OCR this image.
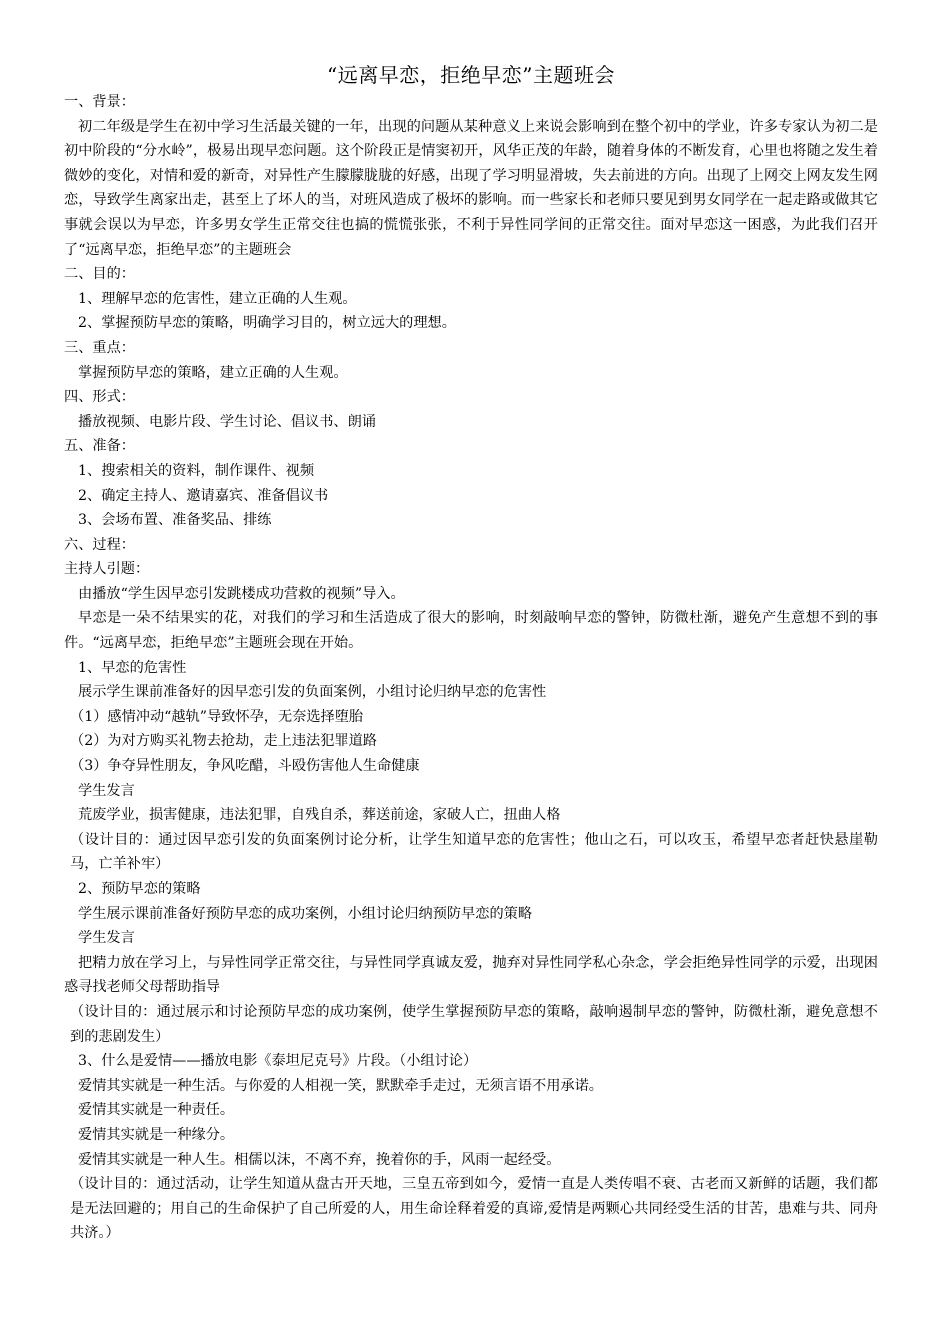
“远离早恋，拒绝早恋”主题班会
一、背景：
初二年级是学生在初中学习生活最关键的一年，出现的问题从某种意义上来说会影响到在整个初中的学业，许多专家认为初二是初中阶段的“分水岭”，极易出现早恋问题。这个阶段正是情窦初开，风华正茂的年龄，随着身体的不断发育，心里也将随之发生着微妙的变化，对情和爱的新奇，对异性产生朦朦胧胧的好感，出现了学习明显滑坡，失去前进的方向。出现了上网交上网友发生网恋，导致学生离家出走，甚至上了坏人的当，对班风造成了极坏的影响。而一些家长和老师只要见到男女同学在一起走路或做其它事就会误以为早恋，许多男女学生正常交往也搞的慌慌张张，不利于异性同学间的正常交往。面对早恋这一困惑，为此我们召开了“远离早恋，拒绝早恋”的主题班会
二、目的：
1、理解早恋的危害性，建立正确的人生观。
2、掌握预防早恋的策略，明确学习目的，树立远大的理想。
三、重点：
掌握预防早恋的策略，建立正确的人生观。
四、形式：
播放视频、电影片段、学生讨论、倡议书、朗诵
五、准备：
1、搜索相关的资料，制作课件、视频
2、确定主持人、邀请嘉宾、准备倡议书
3、会场布置、准备奖品、排练
六、过程：
主持人引题：
由播放“学生因早恋引发跳楼成功营救的视频”导入。
早恋是一朵不结果实的花，对我们的学习和生活造成了很大的影响，时刻敲响早恋的警钟，防微杜渐，避免产生意想不到的事件。“远离早恋，拒绝早恋”主题班会现在开始。
1、早恋的危害性
展示学生课前准备好的因早恋引发的负面案例，小组讨论归纳早恋的危害性
（1）感情冲动“越轨”导致怀孕，无奈选择堕胎
（2）为对方购买礼物去抢劫，走上违法犯罪道路
（3）争夺异性朋友，争风吃醋，斗殴伤害他人生命健康
学生发言
荒废学业，损害健康，违法犯罪，自残自杀，葬送前途，家破人亡，扭曲人格
（设计目的：通过因早恋引发的负面案例讨论分析，让学生知道早恋的危害性；他山之石，可以攻玉，希望早恋者赶快悬崖勒马，亡羊补牢）
2、预防早恋的策略
学生展示课前准备好预防早恋的成功案例，小组讨论归纳预防早恋的策略
学生发言
把精力放在学习上，与异性同学正常交往，与异性同学真诚友爱，抛弃对异性同学私心杂念，学会拒绝异性同学的示爱，出现困惑寻找老师父母帮助指导
（设计目的：通过展示和讨论预防早恋的成功案例，使学生掌握预防早恋的策略，敲响遏制早恋的警钟，防微杜渐，避免意想不到的悲剧发生）
3、什么是爱情——播放电影《泰坦尼克号》片段。（小组讨论）
爱情其实就是一种生活。与你爱的人相视一笑，默默牵手走过，无须言语不用承诺。
爱情其实就是一种责任。
爱情其实就是一种缘分。
爱情其实就是一种人生。相儒以沫，不离不弃，挽着你的手，风雨一起经受。
（设计目的：通过活动，让学生知道从盘古开天地，三皇五帝到如今，爱情一直是人类传唱不衰、古老而又新鲜的话题，我们都是无法回避的；用自己的生命保护了自己所爱的人，用生命诠释着爱的真谛,爱情是两颗心共同经受生活的甘苦，患难与共、同舟共济。）
